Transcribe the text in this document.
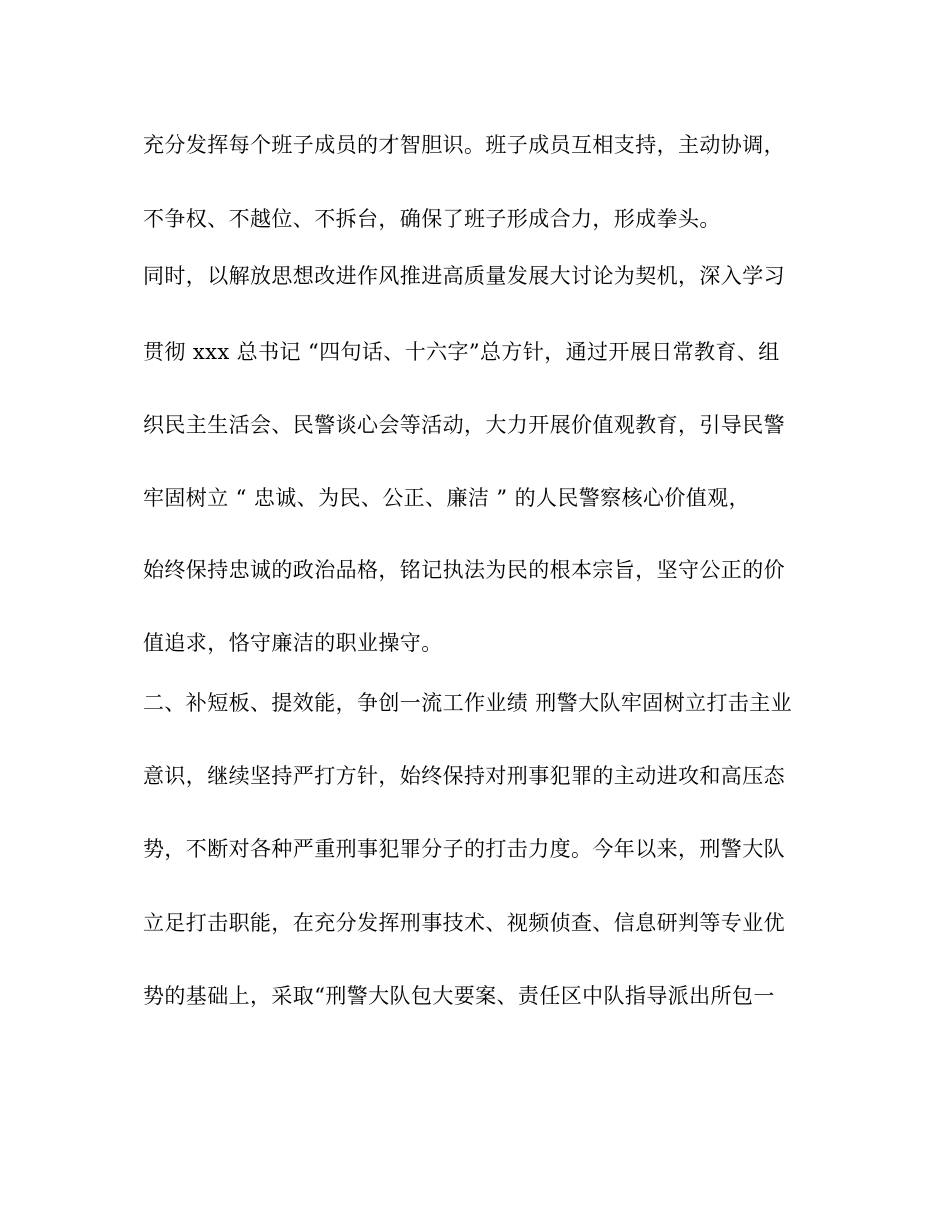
充分发挥每个班子成员的才智胆识。班子成员互相支持，主动协调，
不争权、不越位、不拆台，确保了班子形成合力，形成拳头。
同时，以解放思想改进作风推进高质量发展大讨论为契机，深入学习
贯彻 xxx 总书记 “四句话、十六字”总方针，通过开展日常教育、组
织民主生活会、民警谈心会等活动，大力开展价值观教育，引导民警
牢固树立 “ 忠诚、为民、公正、廉洁 ” 的人民警察核心价值观，
始终保持忠诚的政治品格，铭记执法为民的根本宗旨，坚守公正的价
值追求，恪守廉洁的职业操守。
二、补短板、提效能，争创一流工作业绩 刑警大队牢固树立打击主业
意识，继续坚持严打方针，始终保持对刑事犯罪的主动进攻和高压态
势，不断对各种严重刑事犯罪分子的打击力度。今年以来，刑警大队
立足打击职能，在充分发挥刑事技术、视频侦查、信息研判等专业优
势的基础上，采取“刑警大队包大要案、责任区中队指导派出所包一
